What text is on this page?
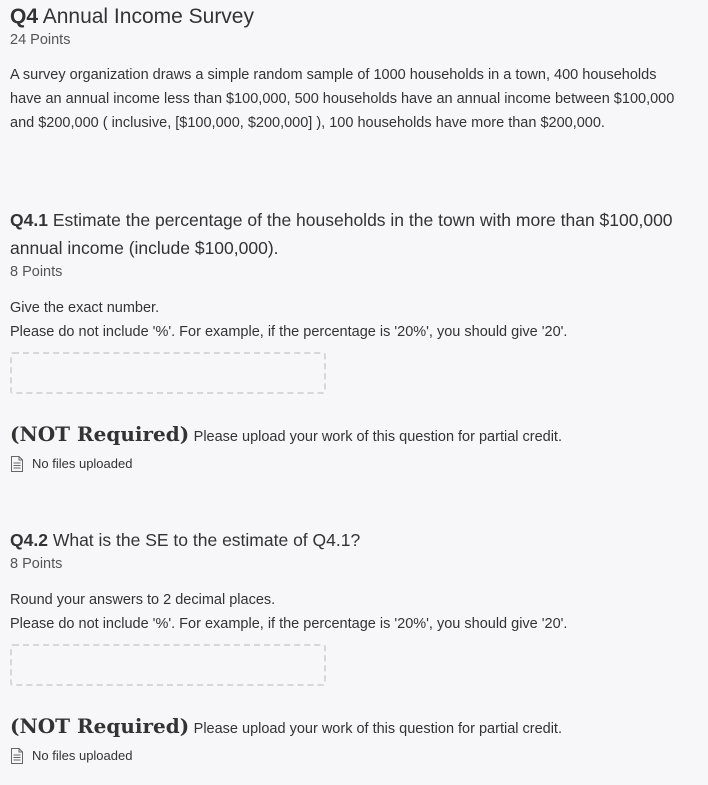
Q4 Annual Income Survey
24 Points
A survey organization draws a simple random sample of 1000 households in a town, 400 households have an annual income less than $100,000, 500 households have an annual income between $100,000 and $200,000 ( inclusive, [$100,000, $200,000] ), 100 households have more than $200,000.
Q4.1 Estimate the percentage of the households in the town with more than $100,000 annual income (include $100,000).
8 Points
Give the exact number.
Please do not include '%'. For example, if the percentage is '20%', you should give '20'.
(NOT Required) Please upload your work of this question for partial credit.
No files uploaded
Q4.2 What is the SE to the estimate of Q4.1?
8 Points
Round your answers to 2 decimal places.
Please do not include '%'. For example, if the percentage is '20%', you should give '20'.
(NOT Required) Please upload your work of this question for partial credit.
No files uploaded
